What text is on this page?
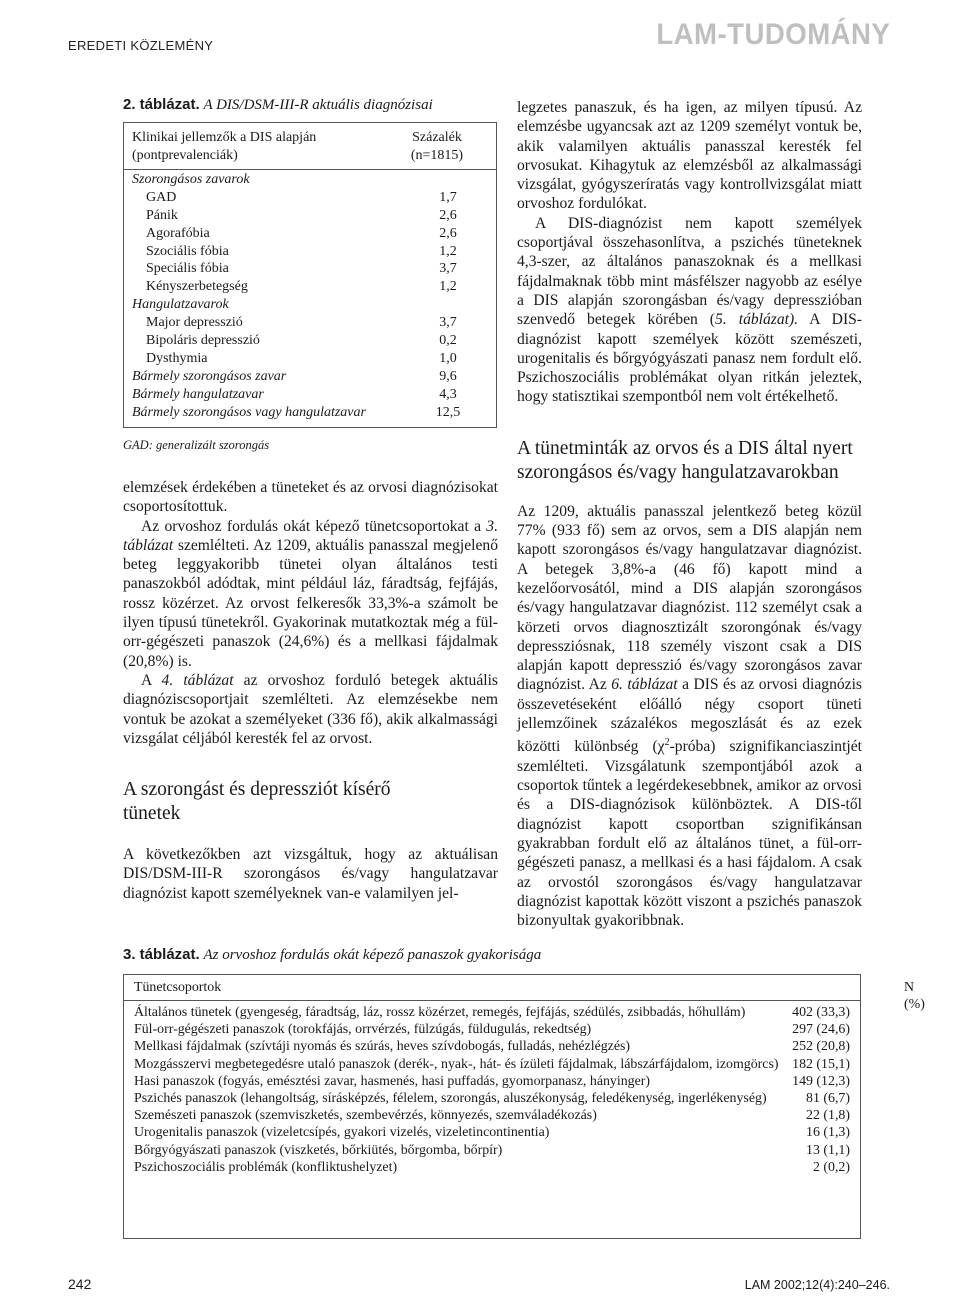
EREDETI KÖZLEMÉNY	LAM-TUDOMÁNY
2. táblázat. A DIS/DSM-III-R aktuális diagnózisai
Klinikai jellemzők a DIS alapján
(pontprevalenciák)
Százalék
(n=1815)
Szorongásos zavarok
GAD	1,7
Pánik	2,6
Agorafóbia	2,6
Szociális fóbia	1,2
Speciális fóbia	3,7
Kényszerbetegség	1,2
Hangulatzavarok
Major depresszió	3,7
Bipoláris depresszió	0,2
Dysthymia	1,0
Bármely szorongásos zavar	9,6
Bármely hangulatzavar	4,3
Bármely szorongásos vagy hangulatzavar	12,5
GAD: generalizált szorongás

elemzések érdekében a tüneteket és az orvosi diagnózisokat csoportosítottuk.

Az orvoshoz fordulás okát képező tünetcsoportokat a 3. táblázat szemlélteti. Az 1209, aktuális panasszal megjelenő beteg leggyakoribb tünetei olyan általános testi panaszokból adódtak, mint például láz, fáradtság, fejfájás, rossz közérzet. Az orvost felkeresők 33,3%-a számolt be ilyen típusú tünetekről. Gyakorinak mutatkoztak még a fül-orr-gégészeti panaszok (24,6%) és a mellkasi fájdalmak (20,8%) is.

A 4. táblázat az orvoshoz forduló betegek aktuális diagnóziscsoportjait szemlélteti. Az elemzésekbe nem vontuk be azokat a személyeket (336 fő), akik alkalmassági vizsgálat céljából keresték fel az orvost.

A szorongást és depressziót kísérő tünetek

A következőkben azt vizsgáltuk, hogy az aktuálisan DIS/DSM-III-R szorongásos és/vagy hangulatzavar diagnózist kapott személyeknek van-e valamilyen jel-

legzetes panaszuk, és ha igen, az milyen típusú. Az elemzésbe ugyancsak azt az 1209 személyt vontuk be, akik valamilyen aktuális panasszal keresték fel orvosukat. Kihagytuk az elemzésből az alkalmassági vizsgálat, gyógyszeríratás vagy kontrollvizsgálat miatt orvoshoz fordulókat.

A DIS-diagnózist nem kapott személyek csoportjával összehasonlítva, a pszichés tüneteknek 4,3-szer, az általános panaszoknak és a mellkasi fájdalmaknak több mint másfélszer nagyobb az esélye a DIS alapján szorongásban és/vagy depresszióban szenvedő betegek körében (5. táblázat). A DIS-diagnózist kapott személyek között szemészeti, urogenitalis és bőrgyógyászati panasz nem fordult elő. Pszichoszociális problémákat olyan ritkán jeleztek, hogy statisztikai szempontból nem volt értékelhető.

A tünetminták az orvos és a DIS által nyert szorongásos és/vagy hangulatzavarokban

Az 1209, aktuális panasszal jelentkező beteg közül 77% (933 fő) sem az orvos, sem a DIS alapján nem kapott szorongásos és/vagy hangulatzavar diagnózist. A betegek 3,8%-a (46 fő) kapott mind a kezelőorvosától, mind a DIS alapján szorongásos és/vagy hangulatzavar diagnózist. 112 személyt csak a körzeti orvos diagnosztizált szorongónak és/vagy depressziósnak, 118 személy viszont csak a DIS alapján kapott depresszió és/vagy szorongásos zavar diagnózist. Az 6. táblázat a DIS és az orvosi diagnózis összevetéseként előálló négy csoport tüneti jellemzőinek százalékos megoszlását és az ezek közötti különbség $(\chi^2-próba)$ szignifikanciaszintjét szemlélteti. Vizsgálatunk szempontjából azok a csoportok tűntek a legérdekesebbnek, amikor az orvosi és a DIS-diagnózisok különböztek. A DIS-től diagnózist kapott csoportban szignifikánsan gyakrabban fordult elő az általános tünet, a fül-orr-gégészeti panasz, a mellkasi és a hasi fájdalom. A csak az orvostól szorongásos és/vagy hangulatzavar diagnózist kapottak között viszont a pszichés panaszok bizonyultak gyakoribbnak.

3. táblázat. Az orvoshoz fordulás okát képező panaszok gyakorisága
Tünetcsoportok	N (%)
Általános tünetek (gyengeség, fáradtság, láz, rossz közérzet, remegés, fejfájás, szédülés, zsibbadás, hőhullám)	402 (33,3)
Fül-orr-gégészeti panaszok (torokfájás, orrvérzés, fülzúgás, füldugulás, rekedtség)	297 (24,6)
Mellkasi fájdalmak (szívtáji nyomás és szúrás, heves szívdobogás, fulladás, nehézlégzés)	252 (20,8)
Mozgásszervi megbetegedésre utaló panaszok (derék-, nyak-, hát- és ízületi fájdalmak, lábszárfájdalom, izomgörcs) 182 (15,1)
Hasi panaszok (fogyás, emésztési zavar, hasmenés, hasi puffadás, gyomorpanasz, hányinger)	149 (12,3)
Pszichés panaszok (lehangoltság, sírásképzés, félelem, szorongás, aluszékonyság, feledékenység, ingerlékenység)	81 (6,7)
Szemészeti panaszok (szemviszketés, szembevérzés, könnyezés, szemváladékozás)	22 (1,8)
Urogenitalis panaszok (vizeletcsípés, gyakori vizelés, vizeletincontinentia)	16 (1,3)
Bőrgyógyászati panaszok (viszketés, bőrkiütés, bőrgomba, bőrpír)	13 (1,1)
Pszichoszociális problémák (konfliktushelyzet)	2 (0,2)
242	LAM 2002;12(4):240–246.
